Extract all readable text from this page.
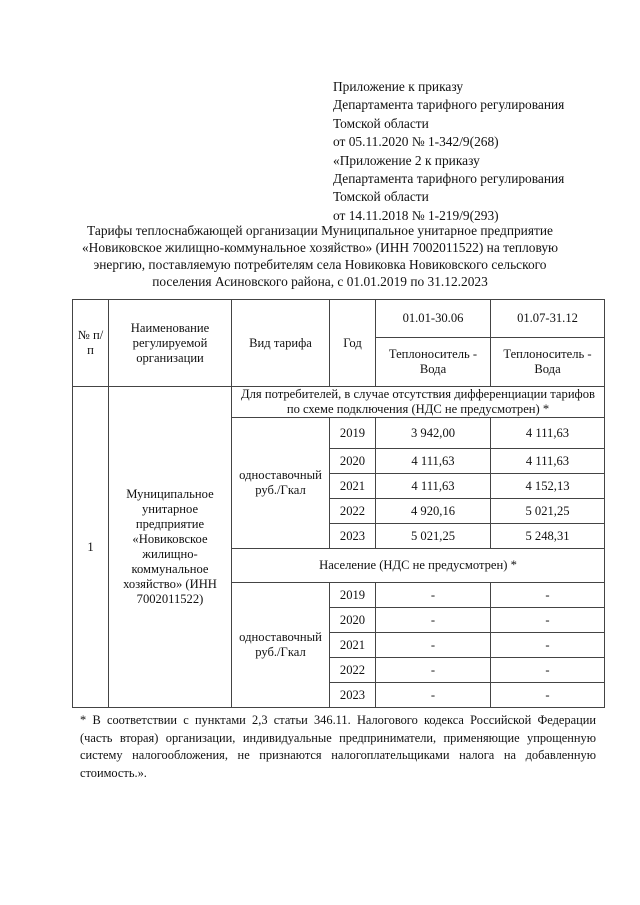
Приложение к приказу
Департамента тарифного регулирования
Томской области
от 05.11.2020 № 1-342/9(268)
«Приложение 2 к приказу
Департамента тарифного регулирования
Томской области
от 14.11.2018 № 1-219/9(293)
Тарифы теплоснабжающей организации Муниципальное унитарное предприятие
«Новиковское жилищно-коммунальное хозяйство» (ИНН 7002011522) на тепловую
энергию, поставляемую потребителям села Новиковка Новиковского сельского
поселения Асиновского района, с 01.01.2019 по 31.12.2023
№ п/п	Наименование регулируемой организации	Вид тарифа	Год	01.01-30.06	01.07-31.12
				Теплоноситель - Вода	Теплоноситель - Вода
1	Муниципальное унитарное предприятие «Новиковское жилищно-коммунальное хозяйство» (ИНН 7002011522)	Для потребителей, в случае отсутствия дифференциации тарифов по схеме подключения (НДС не предусмотрен) *			
		одноставочный руб./Гкал	2019	3 942,00	4 111,63
			2020	4 111,63	4 111,63
			2021	4 111,63	4 152,13
			2022	4 920,16	5 021,25
			2023	5 021,25	5 248,31
		Население (НДС не предусмотрен) *			
		одноставочный руб./Гкал	2019	-	-
			2020	-	-
			2021	-	-
			2022	-	-
			2023	-	-
* В соответствии с пунктами 2,3 статьи 346.11. Налогового кодекса Российской Федерации (часть вторая) организации, индивидуальные предприниматели, применяющие упрощенную систему налогообложения, не признаются налогоплательщиками налога на добавленную стоимость.».
